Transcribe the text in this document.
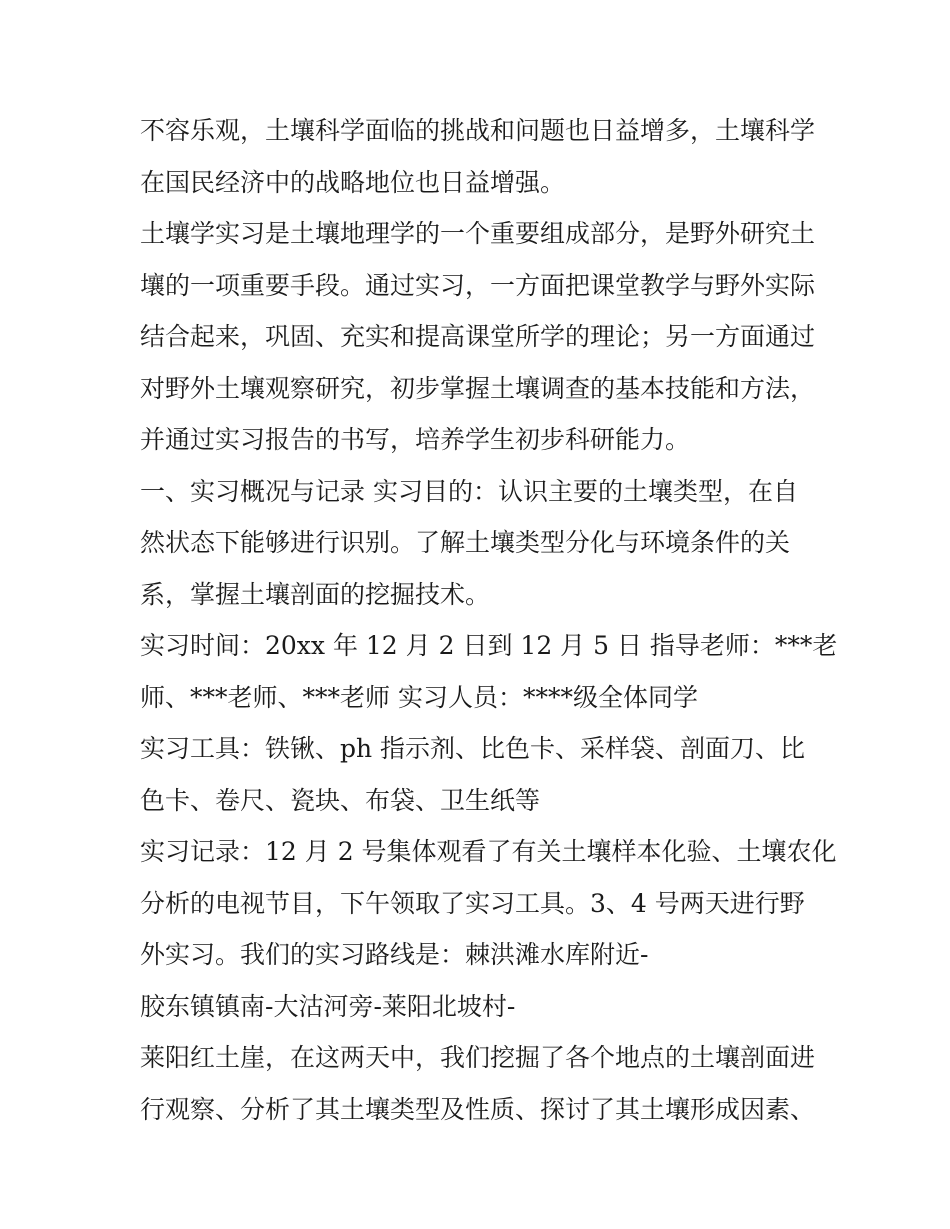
不容乐观，土壤科学面临的挑战和问题也日益增多，土壤科学
在国民经济中的战略地位也日益增强。
土壤学实习是土壤地理学的一个重要组成部分，是野外研究土
壤的一项重要手段。通过实习，一方面把课堂教学与野外实际
结合起来，巩固、充实和提高课堂所学的理论；另一方面通过
对野外土壤观察研究，初步掌握土壤调查的基本技能和方法，
并通过实习报告的书写，培养学生初步科研能力。
一、实习概况与记录 实习目的：认识主要的土壤类型，在自
然状态下能够进行识别。了解土壤类型分化与环境条件的关
系，掌握土壤剖面的挖掘技术。
实习时间：20xx 年 12 月 2 日到 12 月 5 日 指导老师：***老
师、***老师、***老师 实习人员：****级全体同学
实习工具：铁锹、ph 指示剂、比色卡、采样袋、剖面刀、比
色卡、卷尺、瓷块、布袋、卫生纸等
实习记录：12 月 2 号集体观看了有关土壤样本化验、土壤农化
分析的电视节目，下午领取了实习工具。3、4 号两天进行野
外实习。我们的实习路线是：棘洪滩水库附近-
胶东镇镇南-大沽河旁-莱阳北坡村-
莱阳红土崖，在这两天中，我们挖掘了各个地点的土壤剖面进
行观察、分析了其土壤类型及性质、探讨了其土壤形成因素、
